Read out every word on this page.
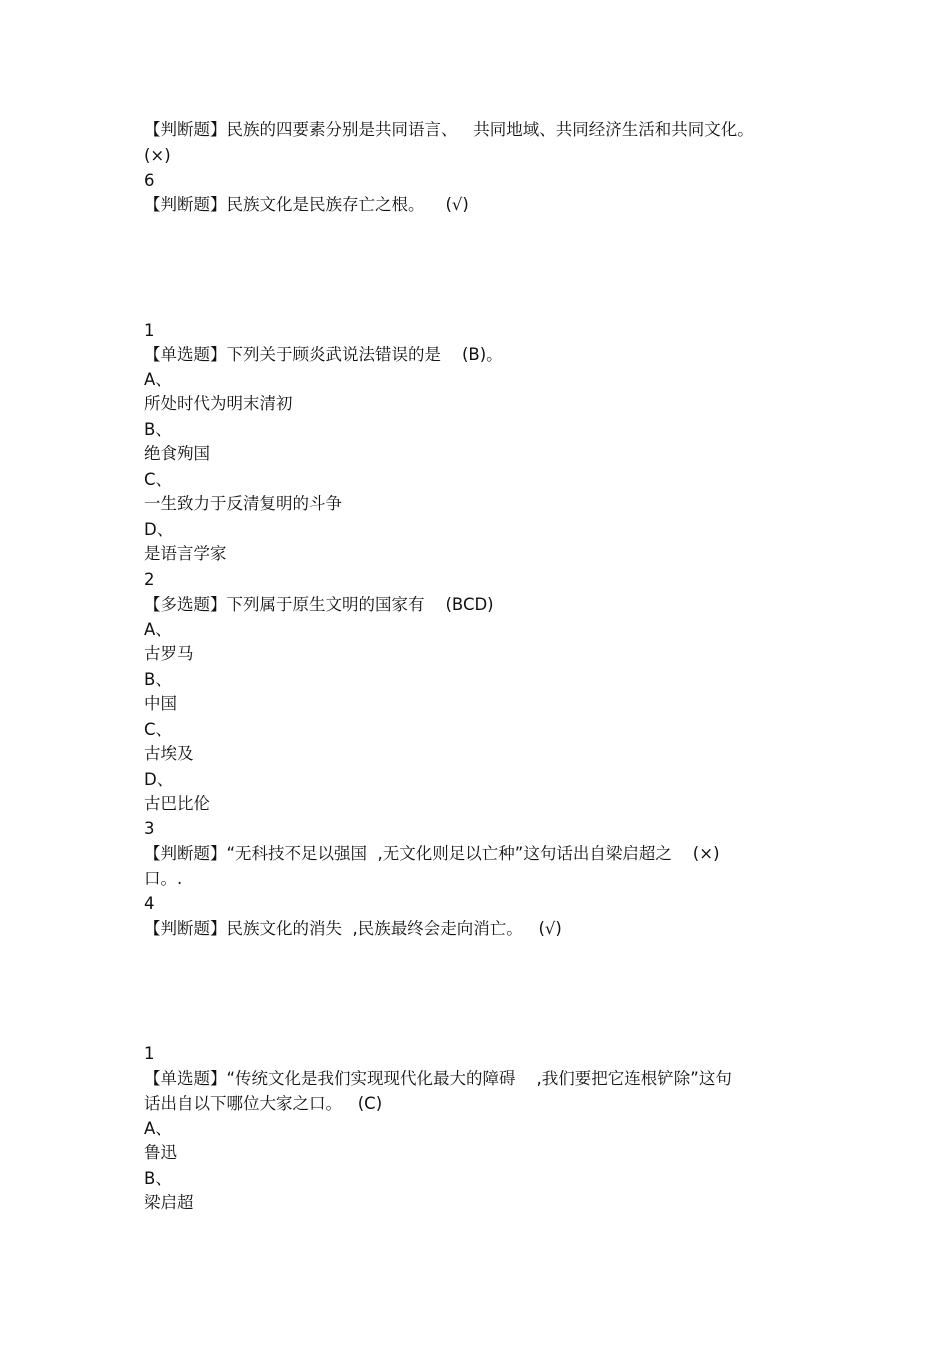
【判断题】民族的四要素分别是共同语言、   共同地域、共同经济生活和共同文化。
(×)
6
【判断题】民族文化是民族存亡之根。    (√)
1
【单选题】下列关于顾炎武说法错误的是    (B)。
A、
所处时代为明末清初
B、
绝食殉国
C、
一生致力于反清复明的斗争
D、
是语言学家
2
【多选题】下列属于原生文明的国家有    (BCD)
A、
古罗马
B、
中国
C、
古埃及
D、
古巴比伦
3
【判断题】“无科技不足以强国  ,无文化则足以亡种”这句话出自梁启超之    (×)
口。.
4
【判断题】民族文化的消失  ,民族最终会走向消亡。   (√)
1
【单选题】“传统文化是我们实现现代化最大的障碍    ,我们要把它连根铲除”这句
话出自以下哪位大家之口。   (C)
A、
鲁迅
B、
梁启超
